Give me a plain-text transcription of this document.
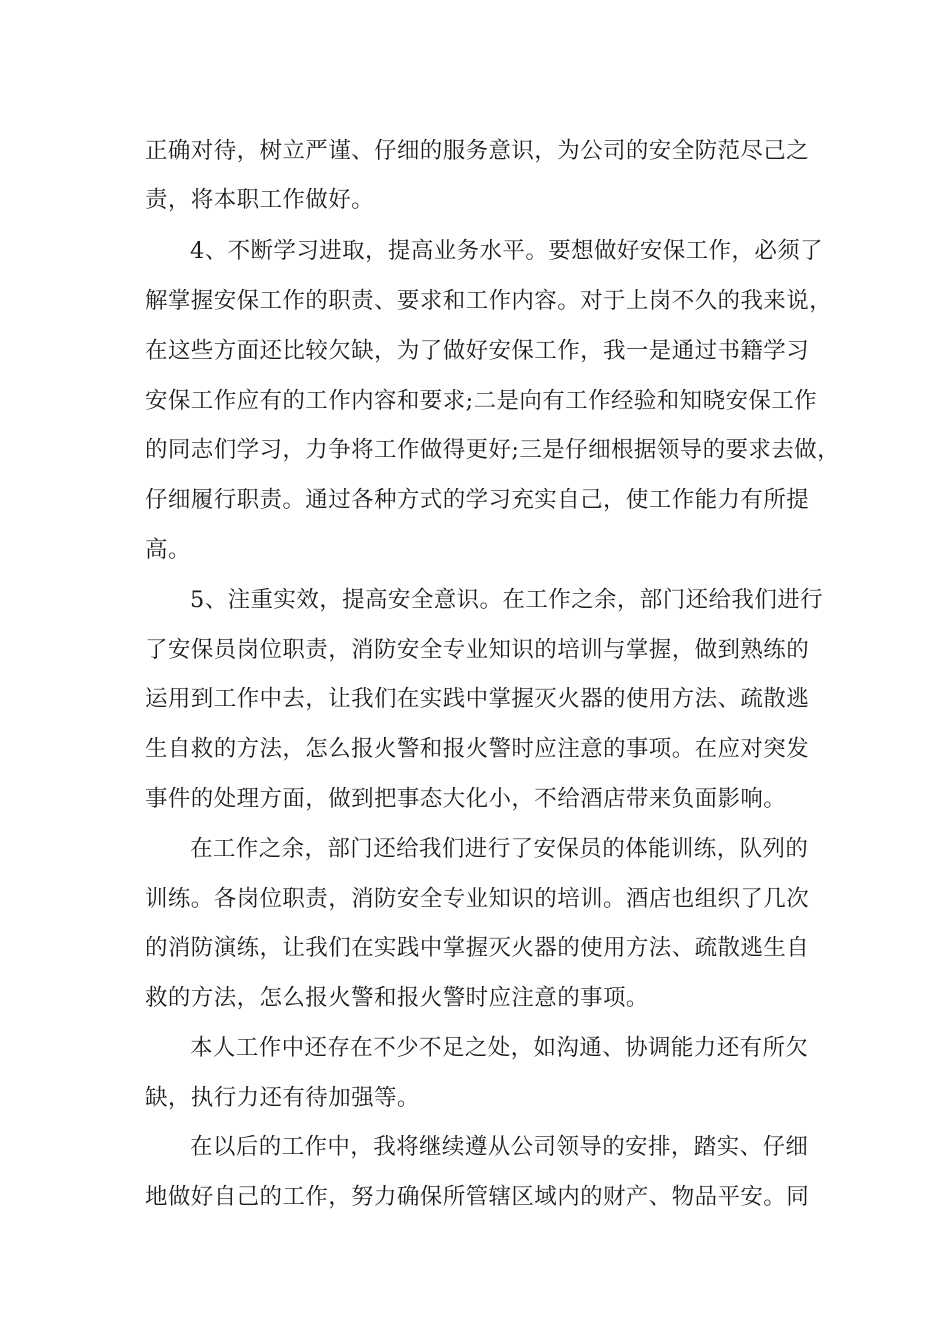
正确对待，树立严谨、仔细的服务意识，为公司的安全防范尽己之
责，将本职工作做好。
4、不断学习进取，提高业务水平。要想做好安保工作，必须了
解掌握安保工作的职责、要求和工作内容。对于上岗不久的我来说，
在这些方面还比较欠缺，为了做好安保工作，我一是通过书籍学习
安保工作应有的工作内容和要求;二是向有工作经验和知晓安保工作
的同志们学习，力争将工作做得更好;三是仔细根据领导的要求去做，
仔细履行职责。通过各种方式的学习充实自己，使工作能力有所提
高。
5、注重实效，提高安全意识。在工作之余，部门还给我们进行
了安保员岗位职责，消防安全专业知识的培训与掌握，做到熟练的
运用到工作中去，让我们在实践中掌握灭火器的使用方法、疏散逃
生自救的方法，怎么报火警和报火警时应注意的事项。在应对突发
事件的处理方面，做到把事态大化小，不给酒店带来负面影响。
在工作之余，部门还给我们进行了安保员的体能训练，队列的
训练。各岗位职责，消防安全专业知识的培训。酒店也组织了几次
的消防演练，让我们在实践中掌握灭火器的使用方法、疏散逃生自
救的方法，怎么报火警和报火警时应注意的事项。
本人工作中还存在不少不足之处，如沟通、协调能力还有所欠
缺，执行力还有待加强等。
在以后的工作中，我将继续遵从公司领导的安排，踏实、仔细
地做好自己的工作，努力确保所管辖区域内的财产、物品平安。同
